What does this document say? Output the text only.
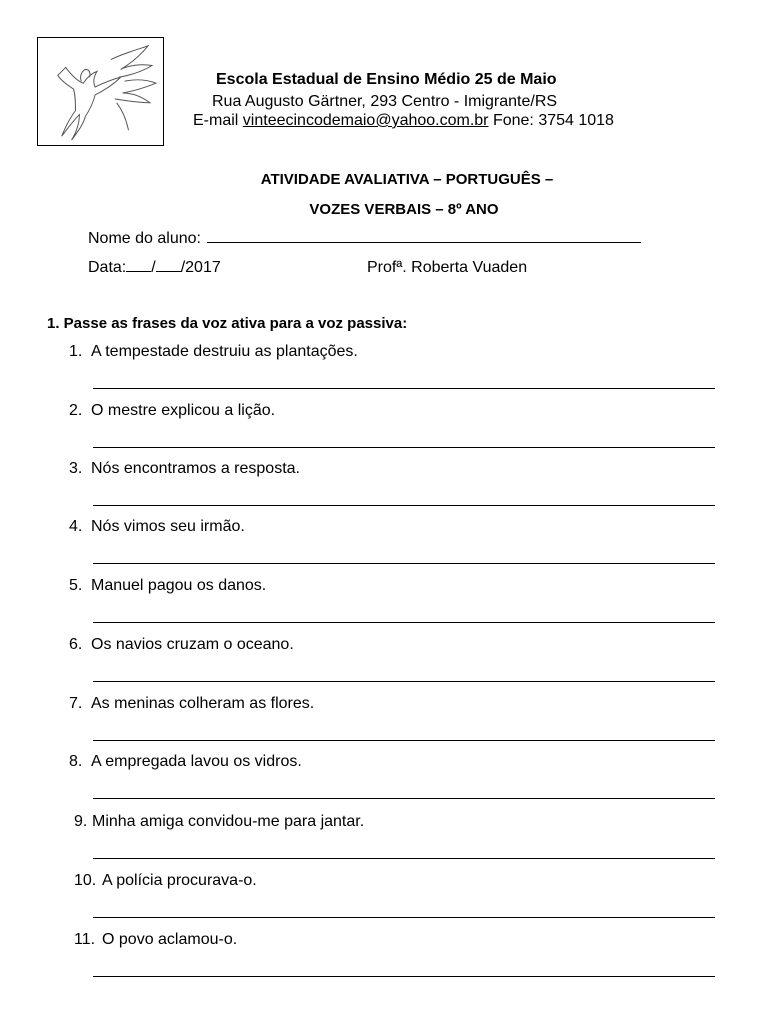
Escola Estadual de Ensino Médio 25 de Maio
Rua Augusto Gärtner, 293 Centro - Imigrante/RS
E-mail vinteecincodemaio@yahoo.com.br Fone: 3754 1018
ATIVIDADE AVALIATIVA – PORTUGUÊS –
VOZES VERBAIS – 8º ANO
Nome do aluno:
Data: / /2017	Profª. Roberta Vuaden
1. Passe as frases da voz ativa para a voz passiva:
1. A tempestade destruiu as plantações.
2. O mestre explicou a lição.
3. Nós encontramos a resposta.
4. Nós vimos seu irmão.
5. Manuel pagou os danos.
6. Os navios cruzam o oceano.
7. As meninas colheram as flores.
8. A empregada lavou os vidros.
9. Minha amiga convidou-me para jantar.
10. A polícia procurava-o.
11. O povo aclamou-o.
